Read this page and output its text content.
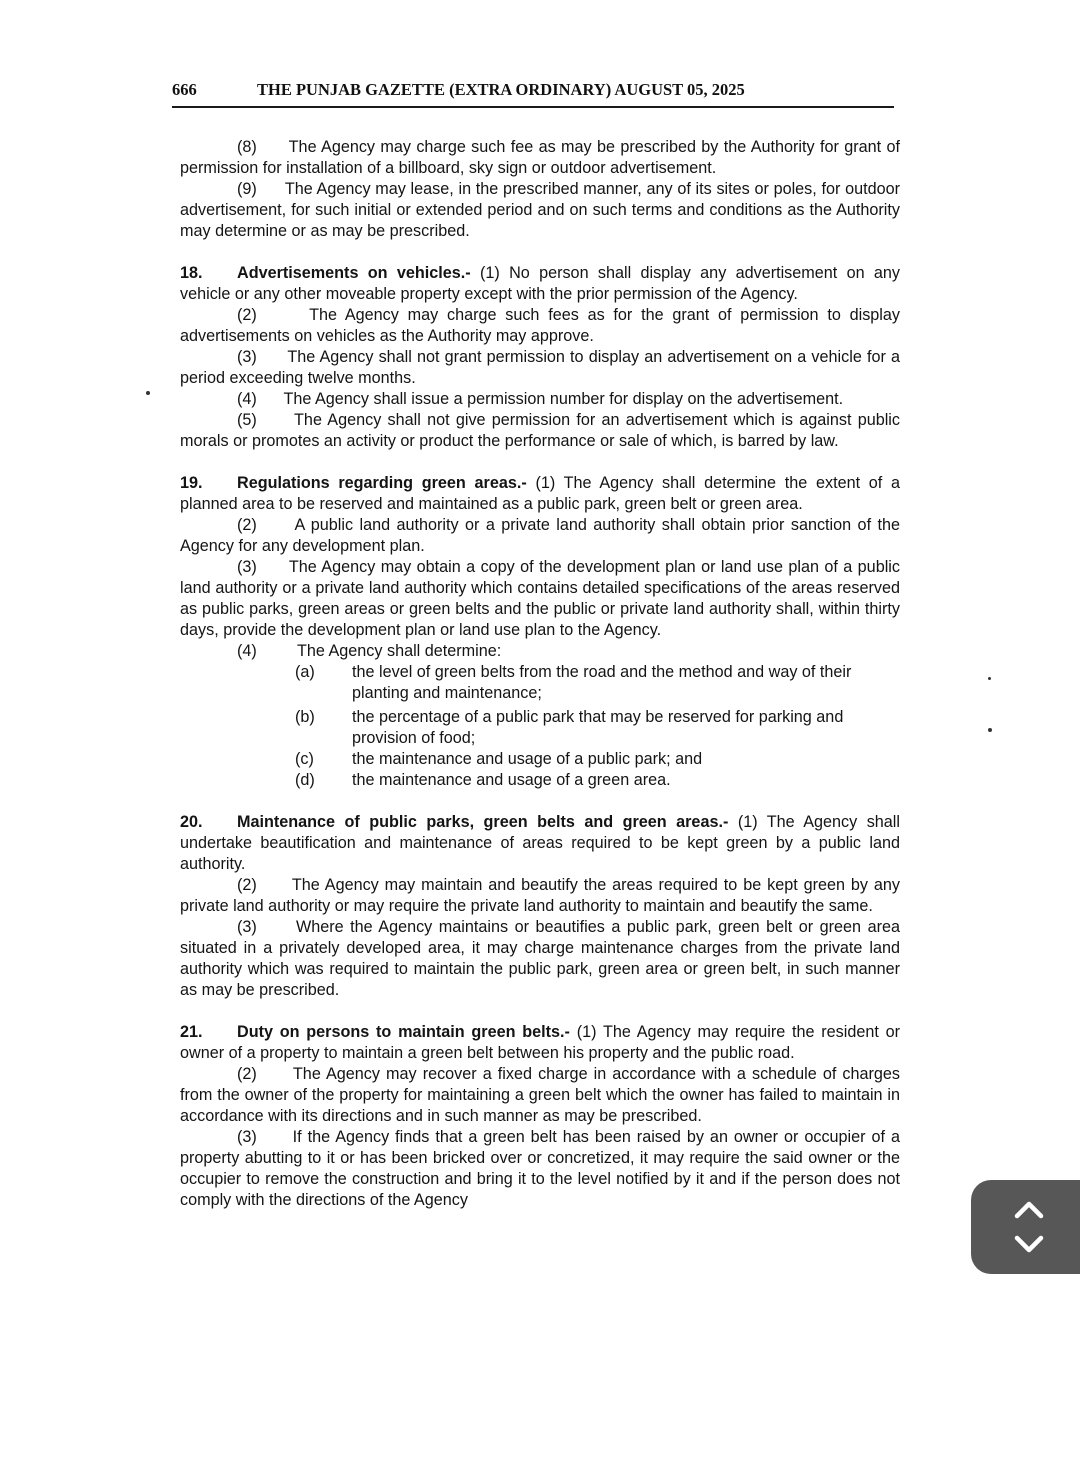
666	THE PUNJAB GAZETTE (EXTRA ORDINARY) AUGUST 05, 2025

(8) The Agency may charge such fee as may be prescribed by the Authority for grant of permission for installation of a billboard, sky sign or outdoor advertisement.

(9) The Agency may lease, in the prescribed manner, any of its sites or poles, for outdoor advertisement, for such initial or extended period and on such terms and conditions as the Authority may determine or as may be prescribed.

18. Advertisements on vehicles.- (1) No person shall display any advertisement on any vehicle or any other moveable property except with the prior permission of the Agency.

(2)	The Agency may charge such fees as for the grant of permission to display advertisements on vehicles as the Authority may approve.

(3) The Agency shall not grant permission to display an advertisement on a vehicle for a period exceeding twelve months.

(4) The Agency shall issue a permission number for display on the advertisement.

(5) The Agency shall not give permission for an advertisement which is against public morals or promotes an activity or product the performance or sale of which, is barred by law.

19. Regulations regarding green areas.- (1) The Agency shall determine the extent of a planned area to be reserved and maintained as a public park, green belt or green area.

(2) A public land authority or a private land authority shall obtain prior sanction of the Agency for any development plan.

(3) The Agency may obtain a copy of the development plan or land use plan of a public land authority or a private land authority which contains detailed specifications of the areas reserved as public parks, green areas or green belts and the public or private land authority shall, within thirty days, provide the development plan or land use plan to the Agency.

(4)	The Agency shall determine:
(a)	the level of green belts from the road and the method and way of their planting and maintenance;
(b)	the percentage of a public park that may be reserved for parking and provision of food;
(c)	the maintenance and usage of a public park; and
(d)	the maintenance and usage of a green area.

20. Maintenance of public parks, green belts and green areas.- (1) The Agency shall undertake beautification and maintenance of areas required to be kept green by a public land authority.

(2) The Agency may maintain and beautify the areas required to be kept green by any private land authority or may require the private land authority to maintain and beautify the same.

(3) Where the Agency maintains or beautifies a public park, green belt or green area situated in a privately developed area, it may charge maintenance charges from the private land authority which was required to maintain the public park, green area or green belt, in such manner as may be prescribed.

21. Duty on persons to maintain green belts.- (1) The Agency may require the resident or owner of a property to maintain a green belt between his property and the public road.

(2) The Agency may recover a fixed charge in accordance with a schedule of charges from the owner of the property for maintaining a green belt which the owner has failed to maintain in accordance with its directions and in such manner as may be prescribed.

(3) If the Agency finds that a green belt has been raised by an owner or occupier of a property abutting to it or has been bricked over or concretized, it may require the said owner or the occupier to remove the construction and bring it to the level notified by it and if the person does not comply with the directions of the Agency
